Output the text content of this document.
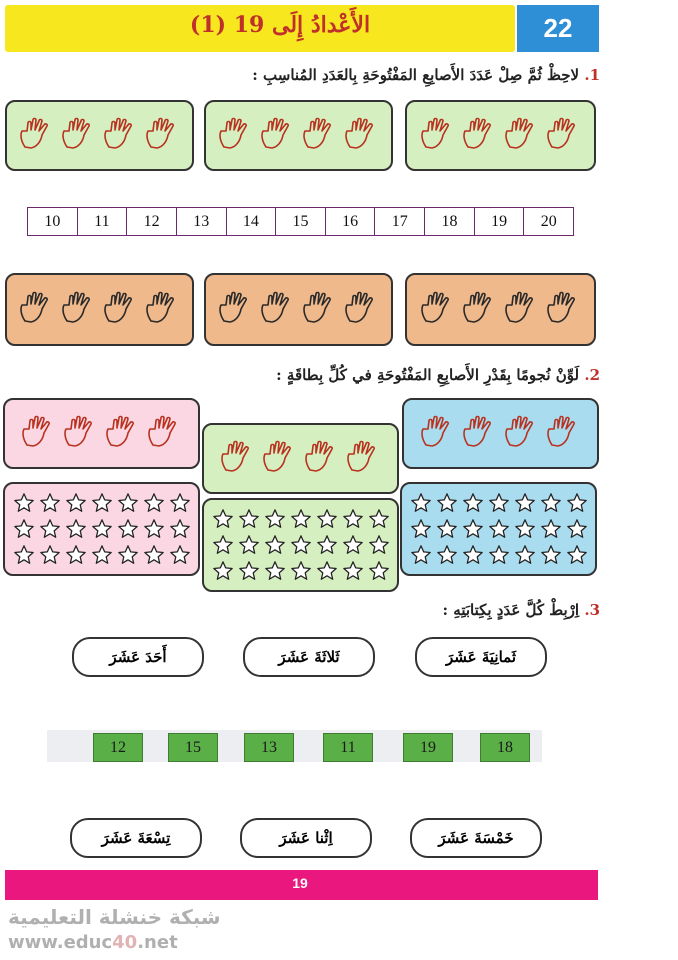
الأَعْدادُ إِلَى 19 (1)	22
1. لاحِظْ ثُمَّ صِلْ عَدَدَ الأَصابِعِ المَفْتُوحَةِ بِالعَدَدِ المُناسِبِ :
10	11	12	13	14	15	16	17	18	19	20
2. لَوِّنْ نُجومًا بِقَدْرِ الأَصابِعِ المَفْتُوحَةِ في كُلِّ بِطاقَةٍ :
3. اِرْبِطْ كُلَّ عَدَدٍ بِكِتابَتِهِ :
ثَمانِيَةَ عَشَرَ
ثَلاثَةَ عَشَرَ
أَحَدَ عَشَرَ
12	15	13	11	19	18
خَمْسَةَ عَشَرَ
اِثْنا عَشَرَ
تِسْعَةَ عَشَرَ
19
شبكة خنشلة التعليمية
www.educ40.net
